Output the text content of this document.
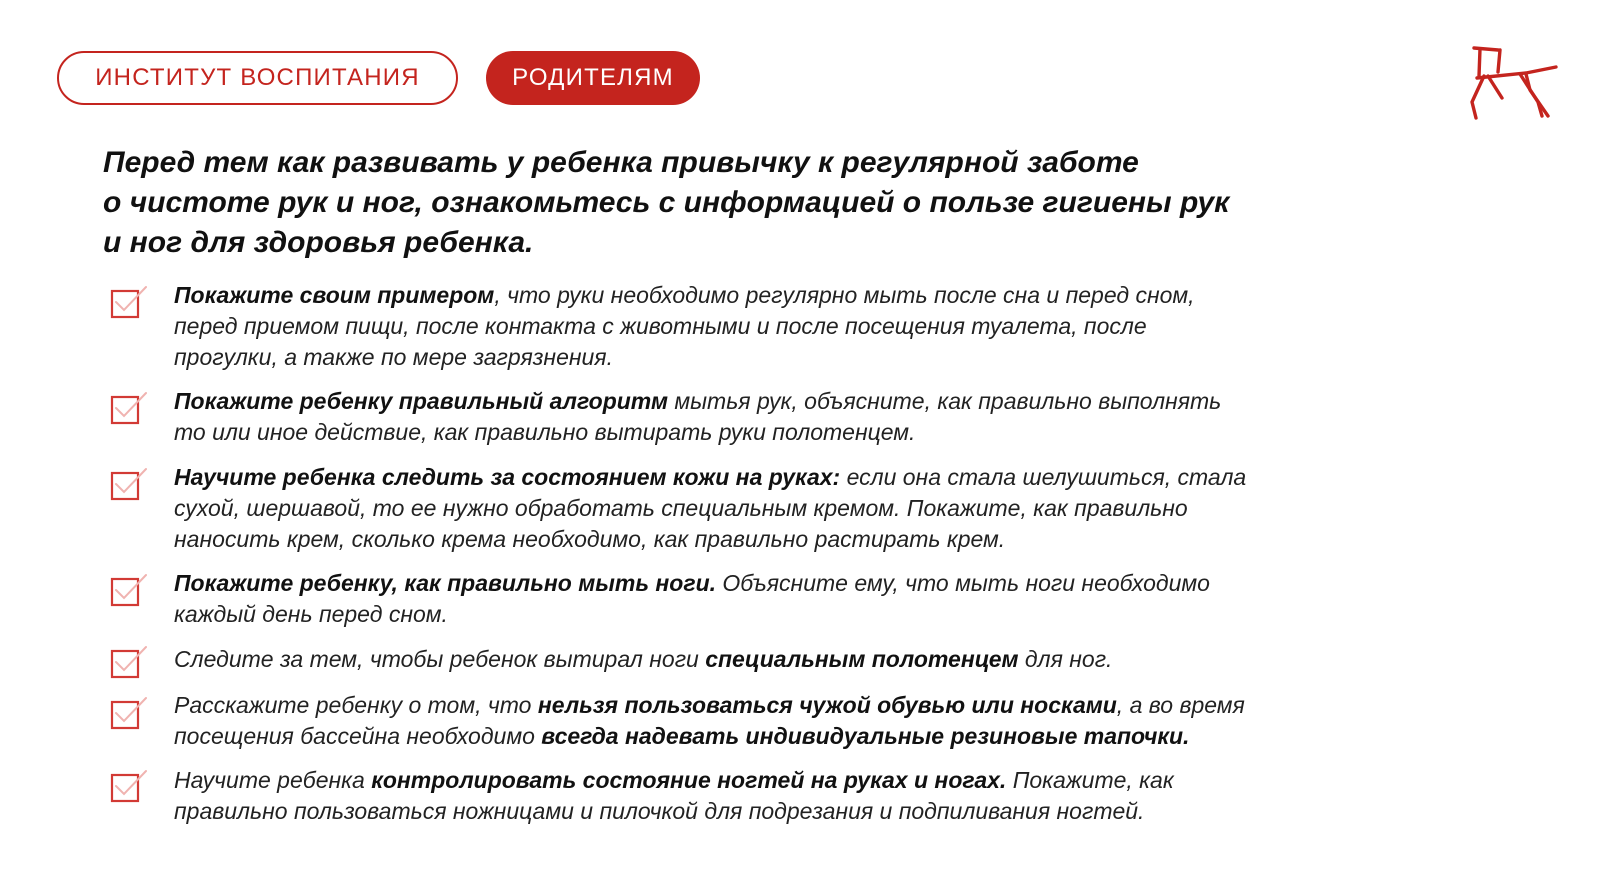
ИНСТИТУТ ВОСПИТАНИЯ	РОДИТЕЛЯМ
Перед тем как развивать у ребенка привычку к регулярной заботе
о чистоте рук и ног, ознакомьтесь с информацией о пользе гигиены рук
и ног для здоровья ребенка.
Покажите своим примером, что руки необходимо регулярно мыть после сна и перед сном,
перед приемом пищи, после контакта с животными и после посещения туалета, после
прогулки, а также по мере загрязнения.
Покажите ребенку правильный алгоритм мытья рук, объясните, как правильно выполнять
то или иное действие, как правильно вытирать руки полотенцем.
Научите ребенка следить за состоянием кожи на руках: если она стала шелушиться, стала
сухой, шершавой, то ее нужно обработать специальным кремом. Покажите, как правильно
наносить крем, сколько крема необходимо, как правильно растирать крем.
Покажите ребенку, как правильно мыть ноги. Объясните ему, что мыть ноги необходимо
каждый день перед сном.
Следите за тем, чтобы ребенок вытирал ноги специальным полотенцем для ног.
Расскажите ребенку о том, что нельзя пользоваться чужой обувью или носками, а во время
посещения бассейна необходимо всегда надевать индивидуальные резиновые тапочки.
Научите ребенка контролировать состояние ногтей на руках и ногах. Покажите, как
правильно пользоваться ножницами и пилочкой для подрезания и подпиливания ногтей.
